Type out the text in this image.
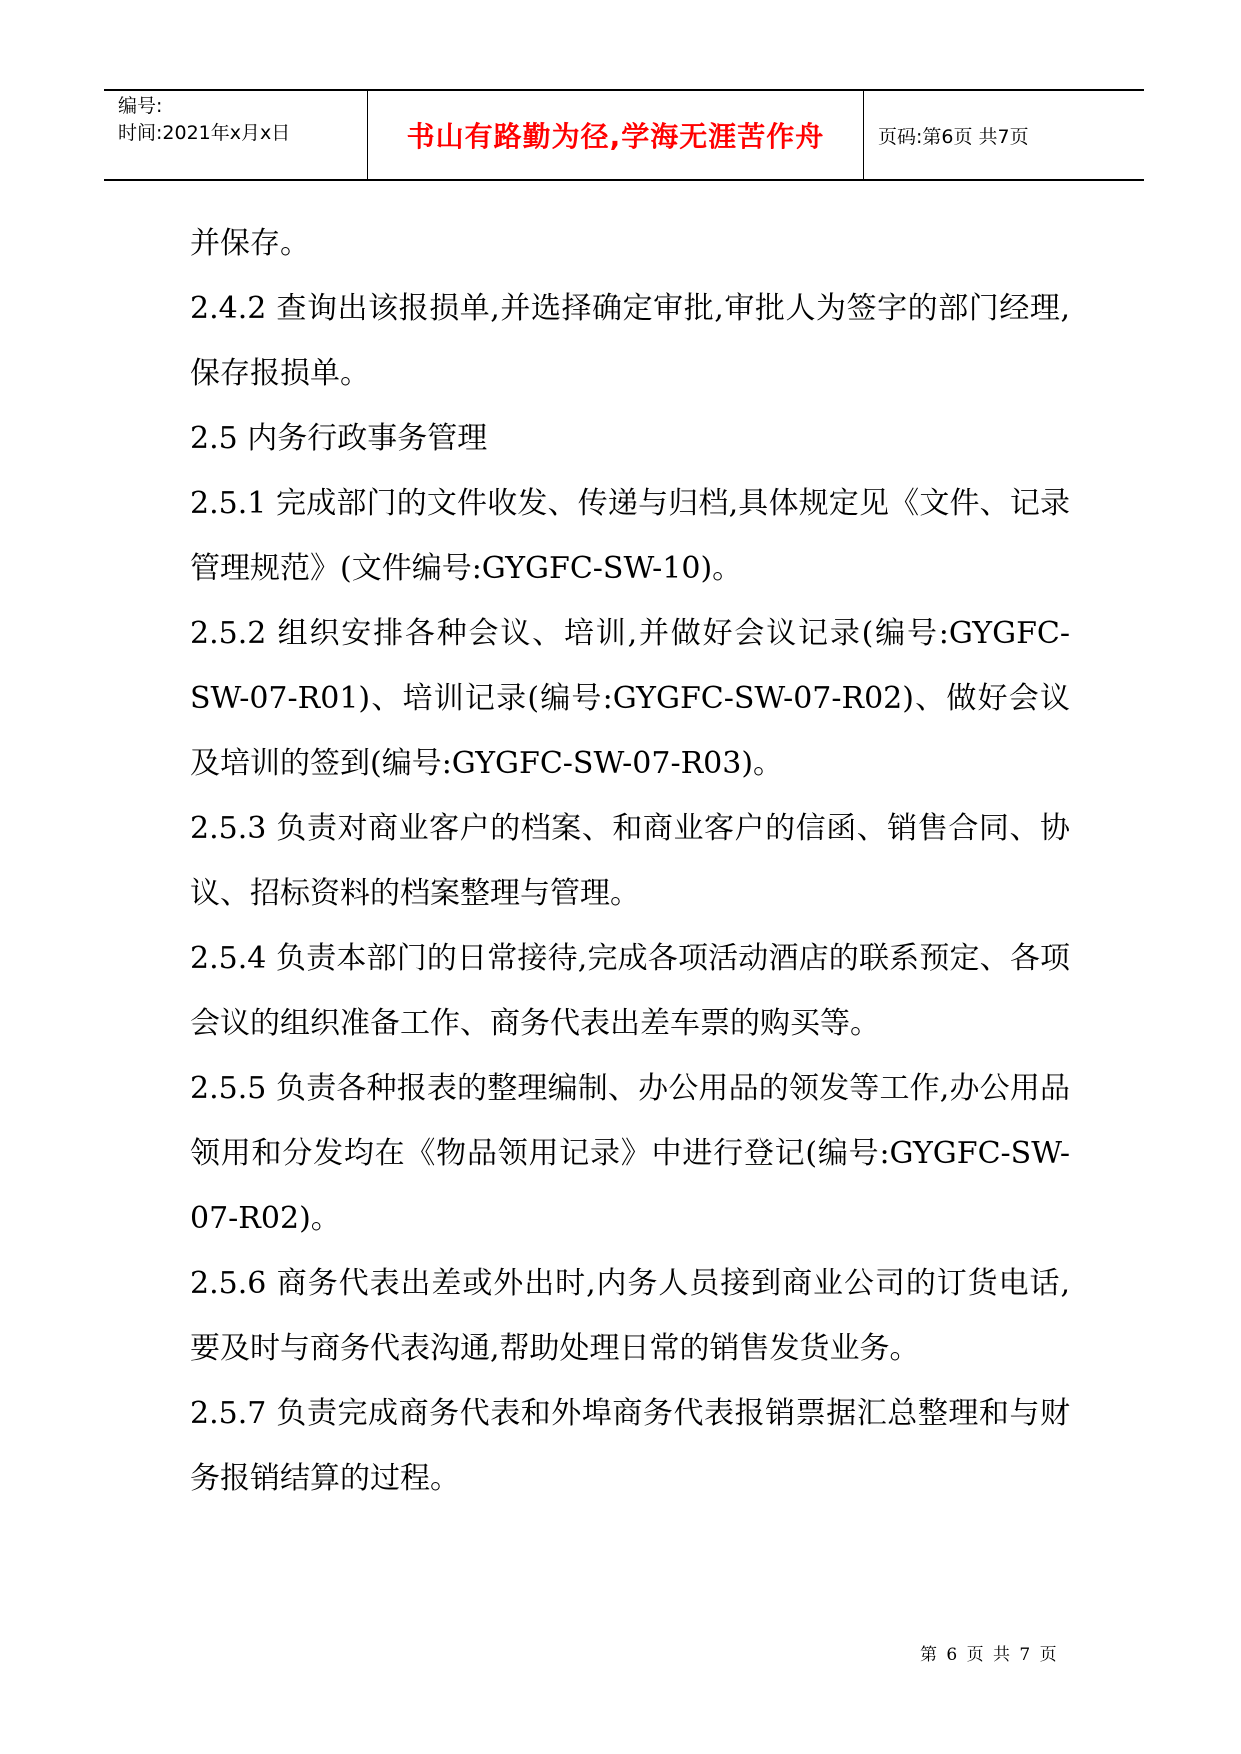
编号:
时间:2021年x月x日	书山有路勤为径,学海无涯苦作舟	页码:第6页 共7页

并保存。

2.4.2 查询出该报损单,并选择确定审批,审批人为签字的部门经理,保存报损单。

2.5 内务行政事务管理

2.5.1 完成部门的文件收发、传递与归档,具体规定见《文件、记录管理规范》(文件编号:GYGFC-SW-10)。

2.5.2 组织安排各种会议、培训,并做好会议记录(编号:GYGFC-SW-07-R01)、培训记录(编号:GYGFC-SW-07-R02)、做好会议及培训的签到(编号:GYGFC-SW-07-R03)。

2.5.3 负责对商业客户的档案、和商业客户的信函、销售合同、协议、招标资料的档案整理与管理。

2.5.4 负责本部门的日常接待,完成各项活动酒店的联系预定、各项会议的组织准备工作、商务代表出差车票的购买等。

2.5.5 负责各种报表的整理编制、办公用品的领发等工作,办公用品领用和分发均在《物品领用记录》中进行登记(编号:GYGFC-SW-07-R02)。

2.5.6 商务代表出差或外出时,内务人员接到商业公司的订货电话,要及时与商务代表沟通,帮助处理日常的销售发货业务。

2.5.7 负责完成商务代表和外埠商务代表报销票据汇总整理和与财务报销结算的过程。

第 6 页 共 7 页
